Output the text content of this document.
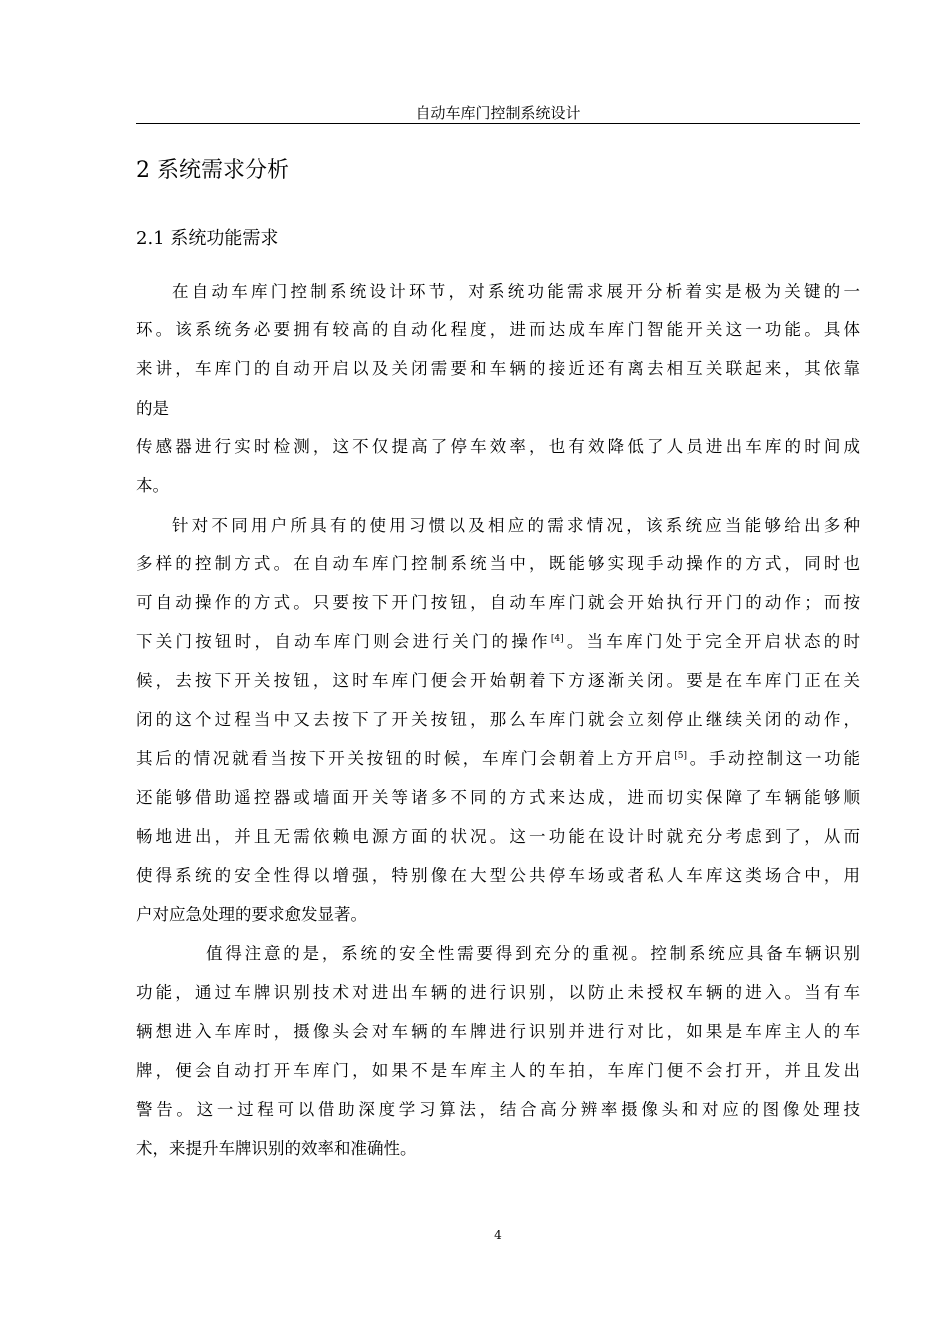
自动车库门控制系统设计
2 系统需求分析
2.1 系统功能需求
在自动车库门控制系统设计环节，对系统功能需求展开分析着实是极为关键的一
环。该系统务必要拥有较高的自动化程度，进而达成车库门智能开关这一功能。具体
来讲，车库门的自动开启以及关闭需要和车辆的接近还有离去相互关联起来，其依靠
的是
传感器进行实时检测，这不仅提高了停车效率，也有效降低了人员进出车库的时间成
本。
针对不同用户所具有的使用习惯以及相应的需求情况，该系统应当能够给出多种
多样的控制方式。在自动车库门控制系统当中，既能够实现手动操作的方式，同时也
可自动操作的方式。只要按下开门按钮，自动车库门就会开始执行开门的动作；而按
下关门按钮时，自动车库门则会进行关门的操作[4]。当车库门处于完全开启状态的时
候，去按下开关按钮，这时车库门便会开始朝着下方逐渐关闭。要是在车库门正在关
闭的这个过程当中又去按下了开关按钮，那么车库门就会立刻停止继续关闭的动作，
其后的情况就看当按下开关按钮的时候，车库门会朝着上方开启[5]。手动控制这一功能
还能够借助遥控器或墙面开关等诸多不同的方式来达成，进而切实保障了车辆能够顺
畅地进出，并且无需依赖电源方面的状况。这一功能在设计时就充分考虑到了，从而
使得系统的安全性得以增强，特别像在大型公共停车场或者私人车库这类场合中，用
户对应急处理的要求愈发显著。
值得注意的是，系统的安全性需要得到充分的重视。控制系统应具备车辆识别
功能，通过车牌识别技术对进出车辆的进行识别，以防止未授权车辆的进入。当有车
辆想进入车库时，摄像头会对车辆的车牌进行识别并进行对比，如果是车库主人的车
牌，便会自动打开车库门，如果不是车库主人的车拍，车库门便不会打开，并且发出
警告。这一过程可以借助深度学习算法，结合高分辨率摄像头和对应的图像处理技
术，来提升车牌识别的效率和准确性。
4
